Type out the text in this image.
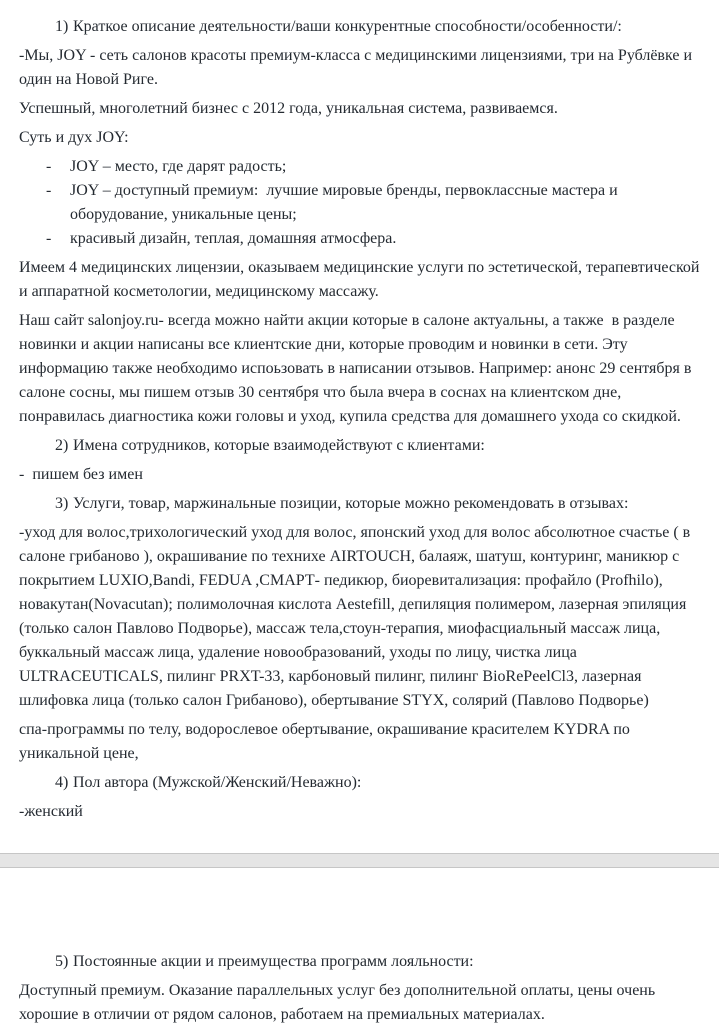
1) Краткое описание деятельности/ваши конкурентные способности/особенности/:

-Мы, JOY - сеть салонов красоты премиум-класса с медицинскими лицензиями, три на Рублёвке и один на Новой Риге.

Успешный, многолетний бизнес с 2012 года, уникальная система, развиваемся.

Суть и дух JOY:

-	JOY – место, где дарят радость;
-	JOY – доступный премиум:  лучшие мировые бренды, первоклассные мастера и оборудование, уникальные цены;
-	красивый дизайн, теплая, домашняя атмосфера.

Имеем 4 медицинских лицензии, оказываем медицинские услуги по эстетической, терапевтической и аппаратной косметологии, медицинскому массажу.

Наш сайт salonjoy.ru- всегда можно найти акции которые в салоне актуальны, а также  в разделе новинки и акции написаны все клиентские дни, которые проводим и новинки в сети. Эту информацию также необходимо испоьзовать в написании отзывов. Например: анонс 29 сентября в салоне сосны, мы пишем отзыв 30 сентября что была вчера в соснах на клиентском дне, понравилась диагностика кожи головы и уход, купила средства для домашнего ухода со скидкой.

2) Имена сотрудников, которые взаимодействуют с клиентами:

-  пишем без имен

3) Услуги, товар, маржинальные позиции, которые можно рекомендовать в отзывах:

-уход для волос,трихологический уход для волос, японский уход для волос абсолютное счастье ( в салоне грибаново ), окрашивание по технихе AIRTOUCH, балаяж, шатуш, контуринг, маникюр с покрытием LUXIO,Bandi, FEDUA ,СМАРТ- педикюр, биоревитализация: профайло (Profhilo), новакутан(Novacutan); полимолочная кислота Aestefill, депиляция полимером, лазерная эпиляция (только салон Павлово Подворье), массаж тела,стоун-терапия, миофасциальный массаж лица, буккальный массаж лица, удаление новообразований, уходы по лицу, чистка лица ULTRACEUTICALS, пилинг PRXT-33, карбоновый пилинг, пилинг BioRePeelCl3, лазерная шлифовка лица (только салон Грибаново), обертывание STYX, солярий (Павлово Подворье)

спа-программы по телу, водорослевое обертывание, окрашивание красителем KYDRA по уникальной цене,

4) Пол автора (Мужской/Женский/Неважно):

-женский

5) Постоянные акции и преимущества программ лояльности:

Доступный премиум. Оказание параллельных услуг без дополнительной оплаты, цены очень хорошие в отличии от рядом салонов, работаем на премиальных материалах.
